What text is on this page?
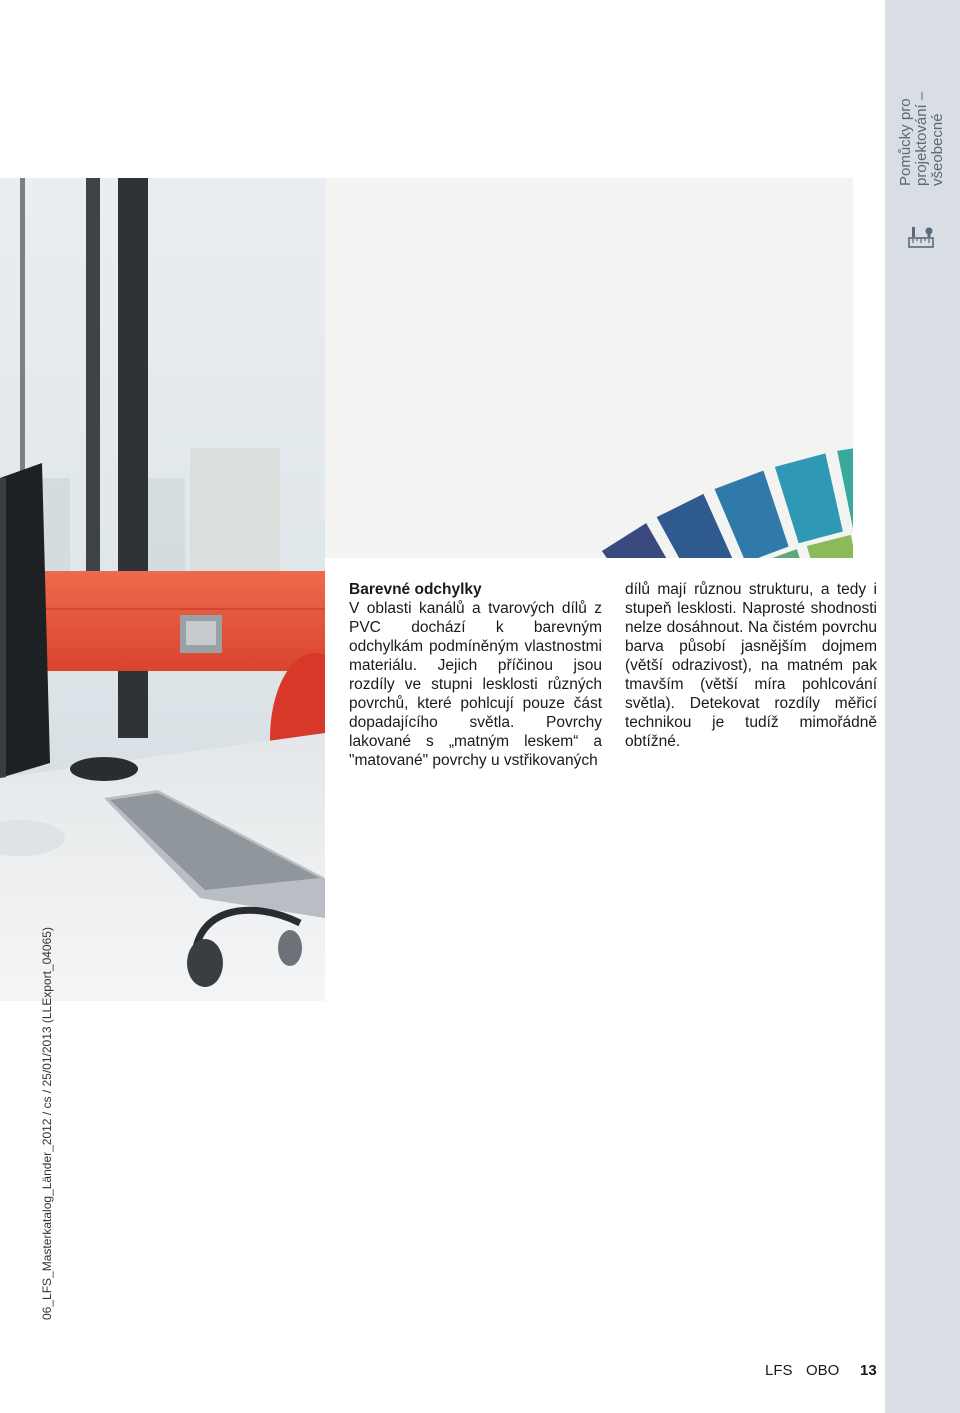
Pomůcky pro projektování – všeobecné
06_LFS_Masterkatalog_Länder_2012 / cs / 25/01/2013 (LLExport_04065)
Barevné odchylky
V oblasti kanálů a tvarových dílů z PVC dochází k barevným odchylkám podmíněným vlastnostmi materiálu. Jejich příčinou jsou rozdíly ve stupni lesklosti různých povrchů, které pohlcují pouze část dopadajícího světla. Povrchy lakované s „matným leskem“ a "matované" povrchy u vstřikovaných
dílů mají různou strukturu, a tedy i stupeň lesklosti. Naprosté shodnosti nelze dosáhnout. Na čistém povrchu barva působí jasnějším dojmem (větší odrazivost), na matném pak tmavším (větší míra pohlcování světla). Detekovat rozdíly měřicí technikou je tudíž mimořádně obtížné.
LFS OBO 13
